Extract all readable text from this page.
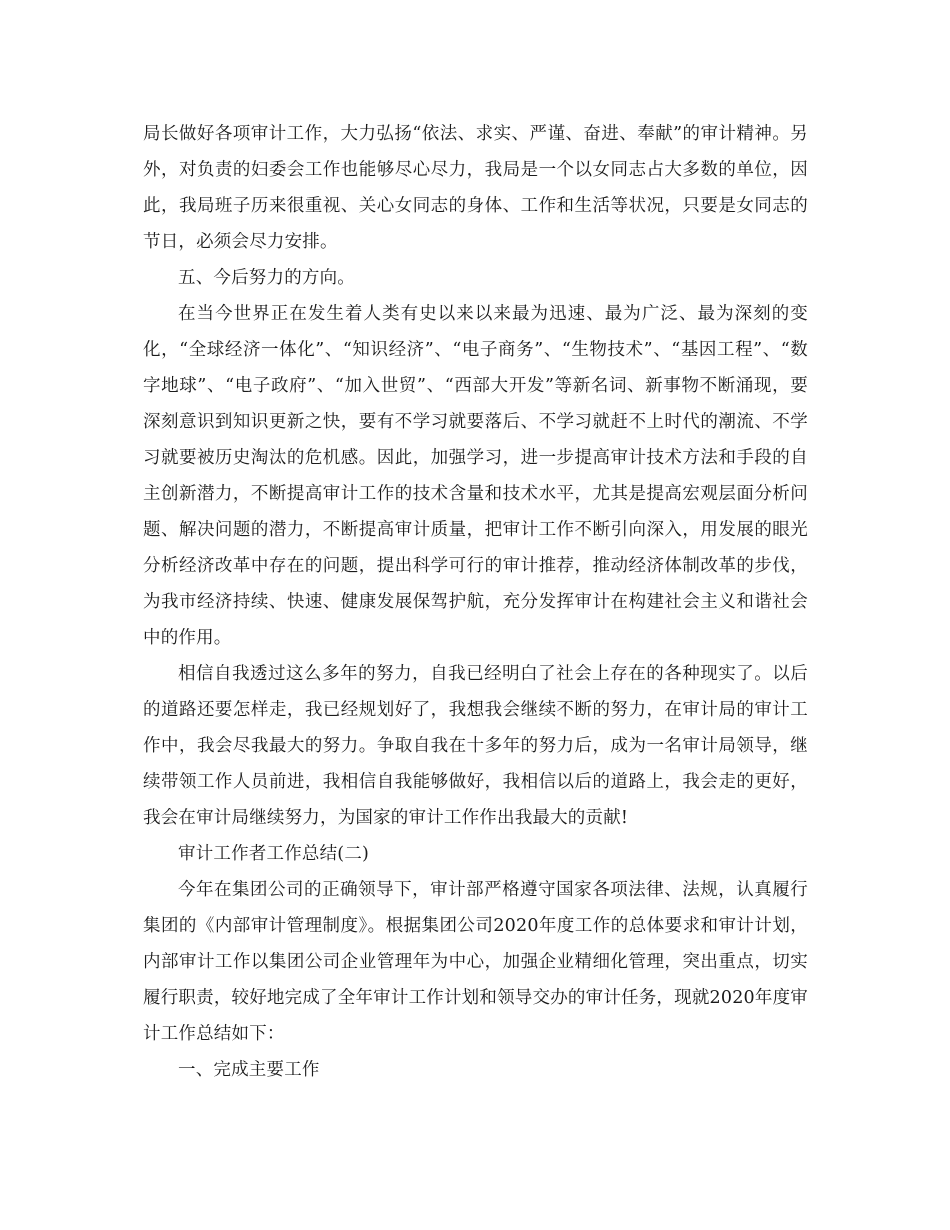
局长做好各项审计工作，大力弘扬“依法、求实、严谨、奋进、奉献”的审计精神。另外，对负责的妇委会工作也能够尽心尽力，我局是一个以女同志占大多数的单位，因此，我局班子历来很重视、关心女同志的身体、工作和生活等状况，只要是女同志的节日，必须会尽力安排。

五、今后努力的方向。

在当今世界正在发生着人类有史以来以来最为迅速、最为广泛、最为深刻的变化，“全球经济一体化”、“知识经济”、“电子商务”、“生物技术”、“基因工程”、“数字地球”、“电子政府”、“加入世贸”、“西部大开发”等新名词、新事物不断涌现，要深刻意识到知识更新之快，要有不学习就要落后、不学习就赶不上时代的潮流、不学习就要被历史淘汰的危机感。因此，加强学习，进一步提高审计技术方法和手段的自主创新潜力，不断提高审计工作的技术含量和技术水平，尤其是提高宏观层面分析问题、解决问题的潜力，不断提高审计质量，把审计工作不断引向深入，用发展的眼光分析经济改革中存在的问题，提出科学可行的审计推荐，推动经济体制改革的步伐，为我市经济持续、快速、健康发展保驾护航，充分发挥审计在构建社会主义和谐社会中的作用。

相信自我透过这么多年的努力，自我已经明白了社会上存在的各种现实了。以后的道路还要怎样走，我已经规划好了，我想我会继续不断的努力，在审计局的审计工作中，我会尽我最大的努力。争取自我在十多年的努力后，成为一名审计局领导，继续带领工作人员前进，我相信自我能够做好，我相信以后的道路上，我会走的更好，我会在审计局继续努力，为国家的审计工作作出我最大的贡献!

审计工作者工作总结(二)

今年在集团公司的正确领导下，审计部严格遵守国家各项法律、法规，认真履行集团的《内部审计管理制度》。根据集团公司2020年度工作的总体要求和审计计划，内部审计工作以集团公司企业管理年为中心，加强企业精细化管理，突出重点，切实履行职责，较好地完成了全年审计工作计划和领导交办的审计任务，现就2020年度审计工作总结如下：

一、完成主要工作
